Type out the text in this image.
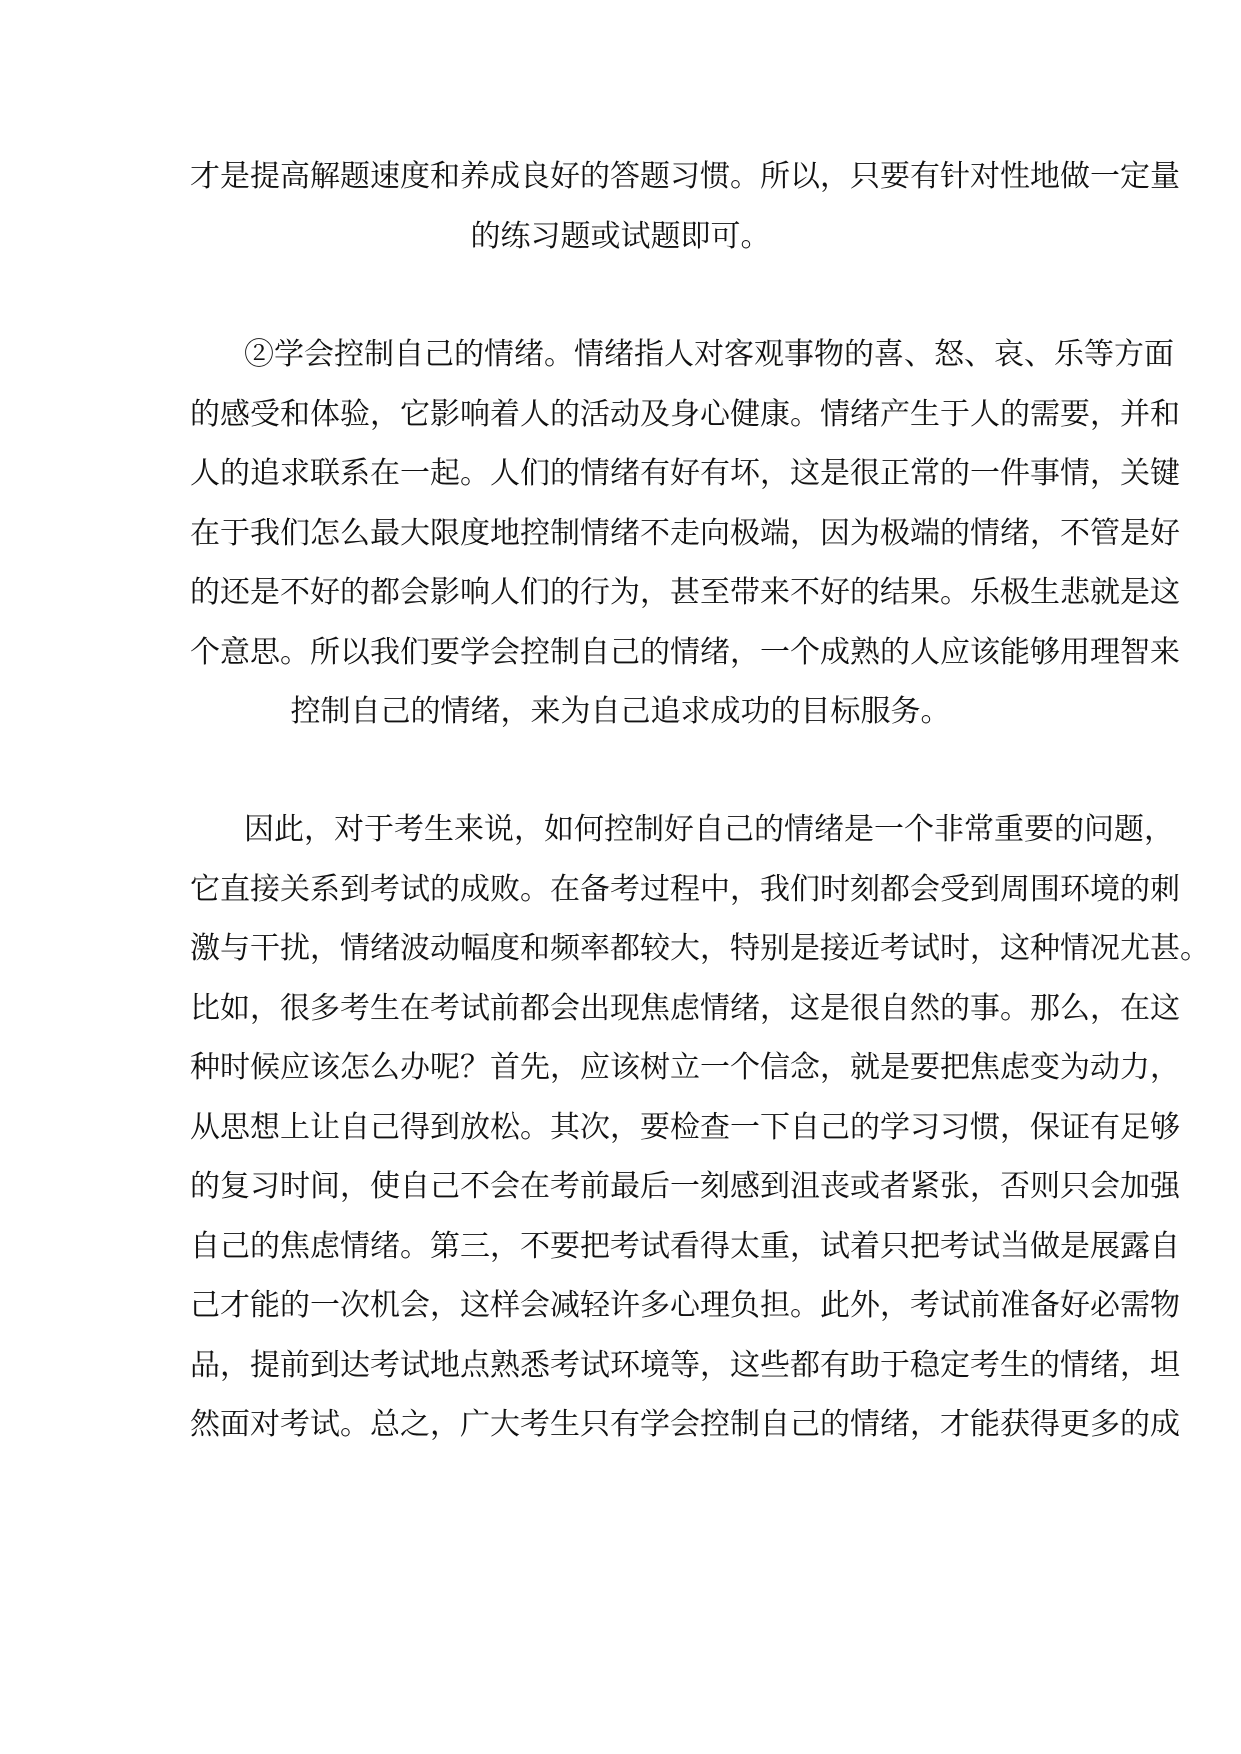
才是提高解题速度和养成良好的答题习惯。所以，只要有针对性地做一定量
的练习题或试题即可。
②学会控制自己的情绪。情绪指人对客观事物的喜、怒、哀、乐等方面
的感受和体验，它影响着人的活动及身心健康。情绪产生于人的需要，并和
人的追求联系在一起。人们的情绪有好有坏，这是很正常的一件事情，关键
在于我们怎么最大限度地控制情绪不走向极端，因为极端的情绪，不管是好
的还是不好的都会影响人们的行为，甚至带来不好的结果。乐极生悲就是这
个意思。所以我们要学会控制自己的情绪，一个成熟的人应该能够用理智来
控制自己的情绪，来为自己追求成功的目标服务。
因此，对于考生来说，如何控制好自己的情绪是一个非常重要的问题，
它直接关系到考试的成败。在备考过程中，我们时刻都会受到周围环境的刺
激与干扰，情绪波动幅度和频率都较大，特别是接近考试时，这种情况尤甚。
比如，很多考生在考试前都会出现焦虑情绪，这是很自然的事。那么，在这
种时候应该怎么办呢？首先，应该树立一个信念，就是要把焦虑变为动力，
从思想上让自己得到放松。其次，要检查一下自己的学习习惯，保证有足够
的复习时间，使自己不会在考前最后一刻感到沮丧或者紧张，否则只会加强
自己的焦虑情绪。第三，不要把考试看得太重，试着只把考试当做是展露自
己才能的一次机会，这样会减轻许多心理负担。此外，考试前准备好必需物
品，提前到达考试地点熟悉考试环境等，这些都有助于稳定考生的情绪，坦
然面对考试。总之，广大考生只有学会控制自己的情绪，才能获得更多的成
